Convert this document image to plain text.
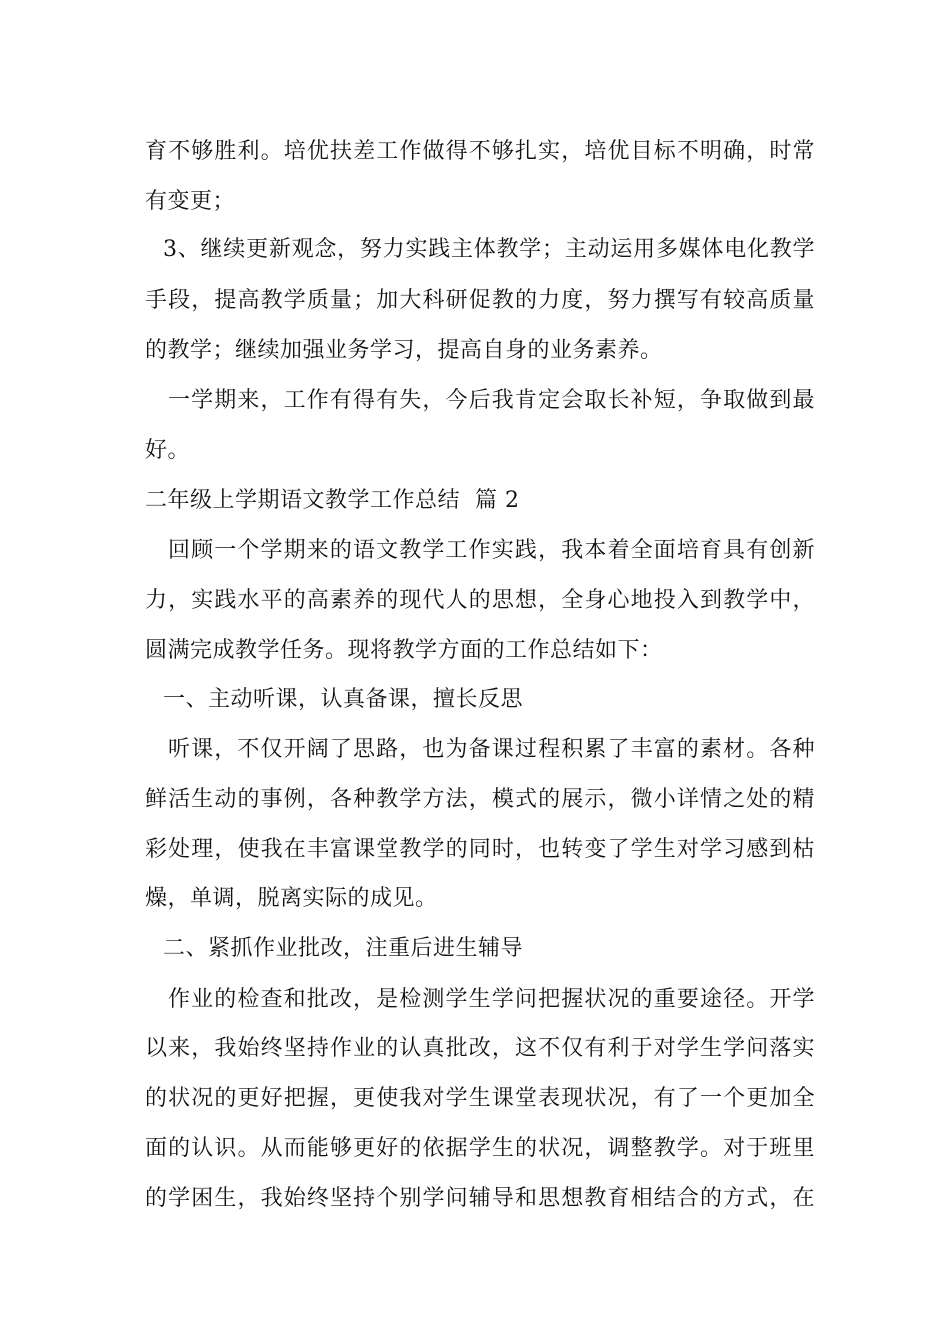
育不够胜利。培优扶差工作做得不够扎实，培优目标不明确，时常
有变更；
3、继续更新观念，努力实践主体教学；主动运用多媒体电化教学
手段，提高教学质量；加大科研促教的力度，努力撰写有较高质量
的教学；继续加强业务学习，提高自身的业务素养。
一学期来，工作有得有失，今后我肯定会取长补短，争取做到最
好。
二年级上学期语文教学工作总结  篇 2
回顾一个学期来的语文教学工作实践，我本着全面培育具有创新
力，实践水平的高素养的现代人的思想，全身心地投入到教学中，
圆满完成教学任务。现将教学方面的工作总结如下：
一、主动听课，认真备课，擅长反思
听课，不仅开阔了思路，也为备课过程积累了丰富的素材。各种
鲜活生动的事例，各种教学方法，模式的展示，微小详情之处的精
彩处理，使我在丰富课堂教学的同时，也转变了学生对学习感到枯
燥，单调，脱离实际的成见。
二、紧抓作业批改，注重后进生辅导
作业的检查和批改，是检测学生学问把握状况的重要途径。开学
以来，我始终坚持作业的认真批改，这不仅有利于对学生学问落实
的状况的更好把握，更使我对学生课堂表现状况，有了一个更加全
面的认识。从而能够更好的依据学生的状况，调整教学。对于班里
的学困生，我始终坚持个别学问辅导和思想教育相结合的方式，在
